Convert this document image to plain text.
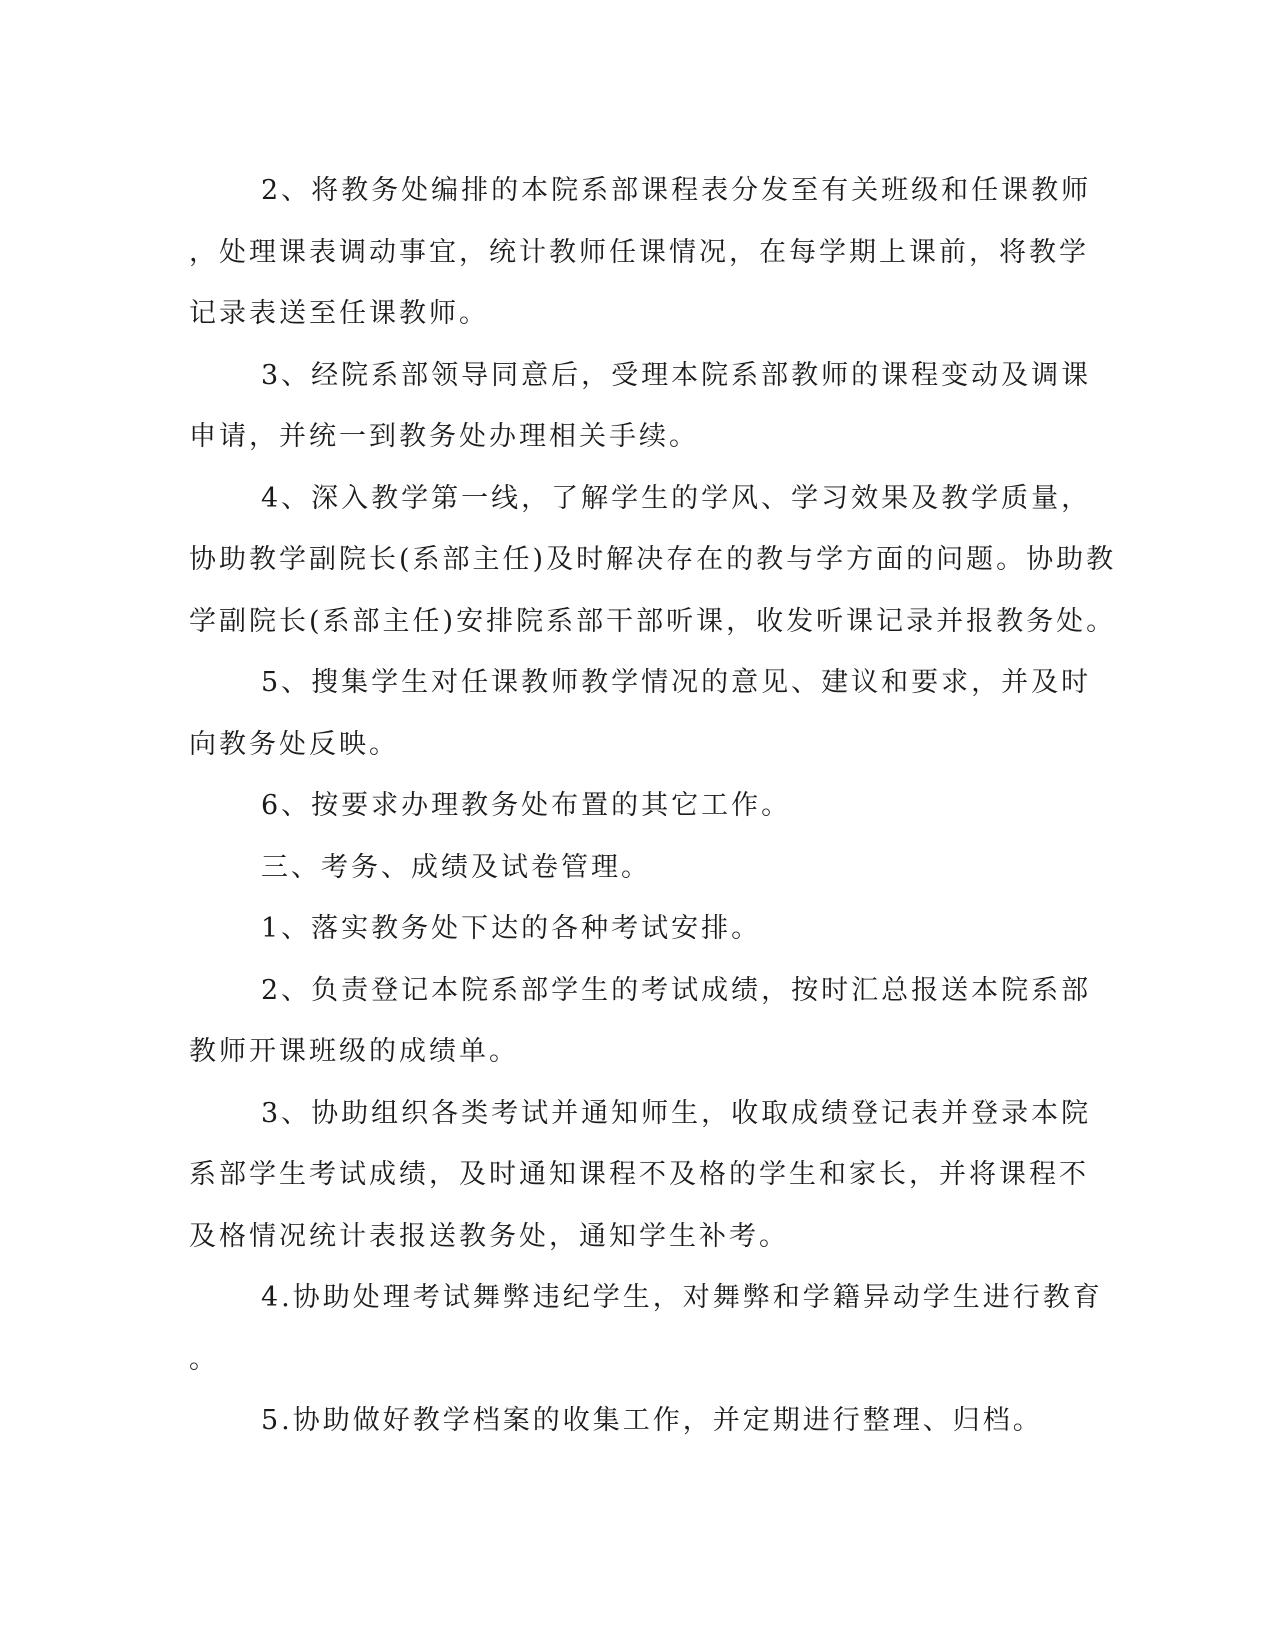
2、将教务处编排的本院系部课程表分发至有关班级和任课教师
，处理课表调动事宜，统计教师任课情况，在每学期上课前，将教学
记录表送至任课教师。
3、经院系部领导同意后，受理本院系部教师的课程变动及调课
申请，并统一到教务处办理相关手续。
4、深入教学第一线，了解学生的学风、学习效果及教学质量，
协助教学副院长(系部主任)及时解决存在的教与学方面的问题。协助教
学副院长(系部主任)安排院系部干部听课，收发听课记录并报教务处。
5、搜集学生对任课教师教学情况的意见、建议和要求，并及时
向教务处反映。
6、按要求办理教务处布置的其它工作。
三、考务、成绩及试卷管理。
1、落实教务处下达的各种考试安排。
2、负责登记本院系部学生的考试成绩，按时汇总报送本院系部
教师开课班级的成绩单。
3、协助组织各类考试并通知师生，收取成绩登记表并登录本院
系部学生考试成绩，及时通知课程不及格的学生和家长，并将课程不
及格情况统计表报送教务处，通知学生补考。
4.协助处理考试舞弊违纪学生，对舞弊和学籍异动学生进行教育
。
5.协助做好教学档案的收集工作，并定期进行整理、归档。
